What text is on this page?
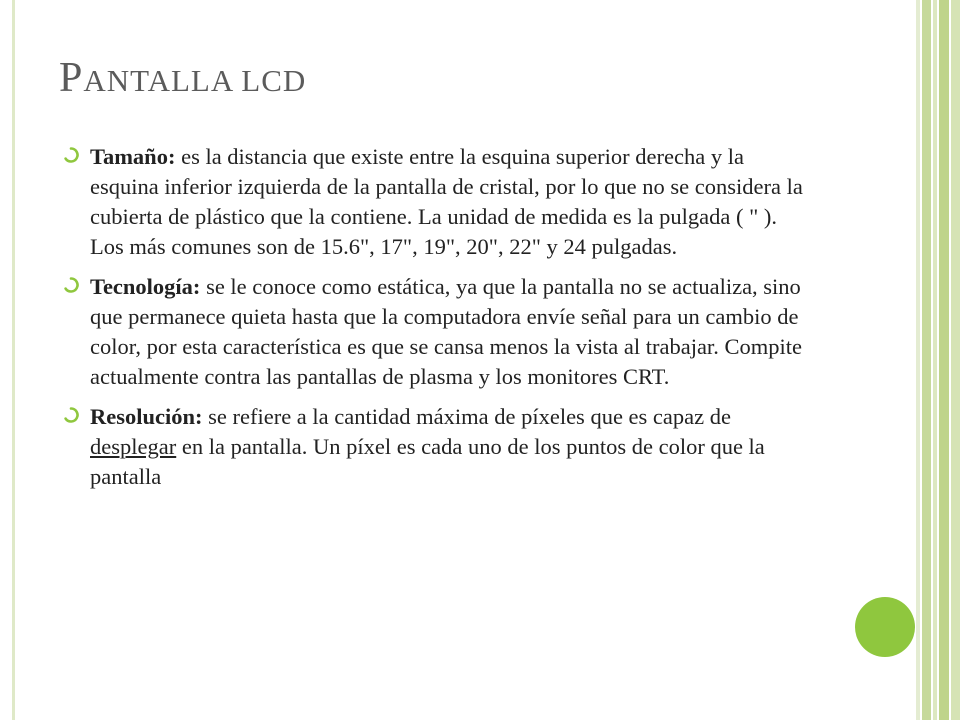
PANTALLA LCD
Tamaño: es la distancia que existe entre la esquina superior derecha y la esquina inferior izquierda de la pantalla de cristal, por lo que no se considera la cubierta de plástico que la contiene. La unidad de medida es la pulgada ( " ). Los más comunes son de 15.6", 17", 19", 20", 22" y 24 pulgadas.
Tecnología: se le conoce como estática, ya que la pantalla no se actualiza, sino que permanece quieta hasta que la computadora envíe señal para un cambio de color, por esta característica es que se cansa menos la vista al trabajar. Compite actualmente contra las pantallas de plasma y los monitores CRT.
Resolución: se refiere a la cantidad máxima de píxeles que es capaz de desplegar en la pantalla. Un píxel es cada uno de los puntos de color que la pantalla
